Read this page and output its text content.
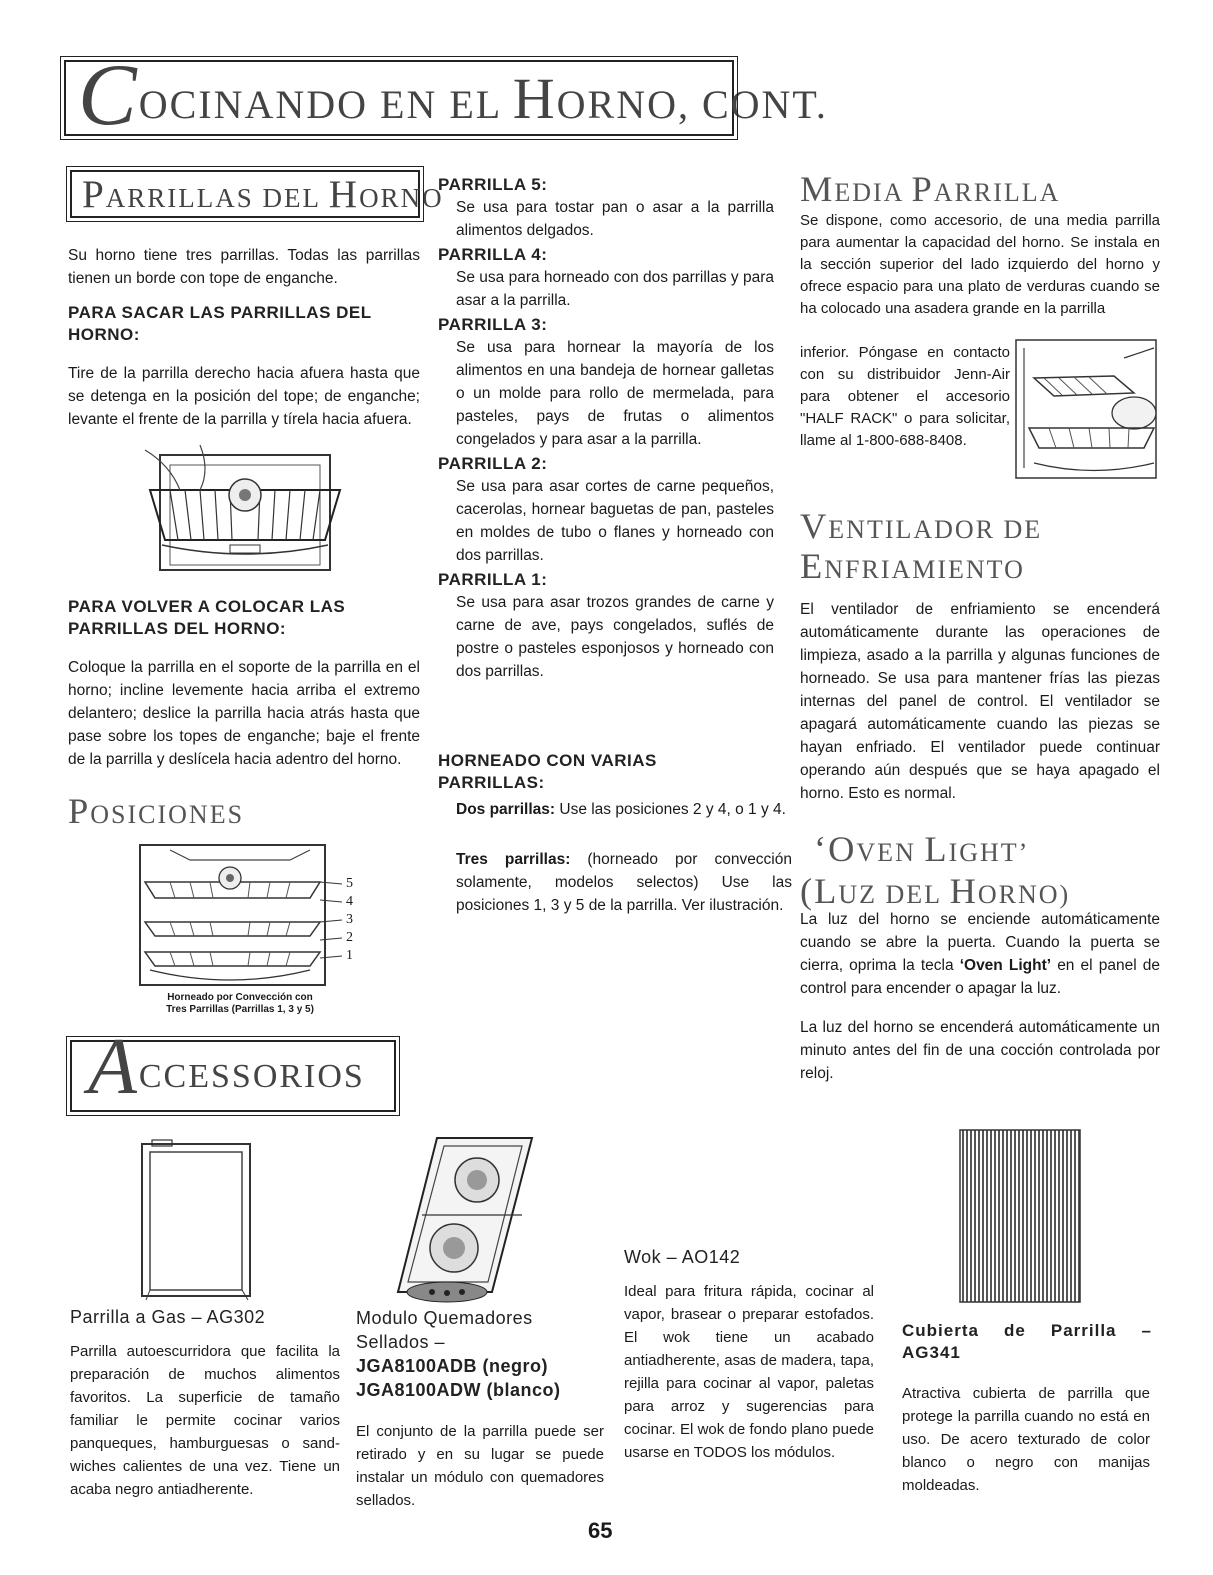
COCINANDO EN EL HORNO, CONT.
PARRILLAS DEL HORNO
Su horno tiene tres parrillas. Todas las parrillas tienen un borde con tope de enganche.
PARA SACAR LAS PARRILLAS DEL HORNO:
Tire de la parrilla derecho hacia afuera hasta que se detenga en la posición del tope; de enganche; levante el frente de la parrilla y tírela hacia afuera.
PARA VOLVER A COLOCAR LAS PARRILLAS DEL HORNO:
Coloque la parrilla en el soporte de la parrilla en el horno; incline levemente hacia arriba el extremo delantero; deslice la parrilla hacia atrás hasta que pase sobre los topes de enganche; baje el frente de la parrilla y deslícela hacia adentro del horno.
POSICIONES
5
4
3
2
1
Horneado por Convección con
Tres Parrillas (Parrillas 1, 3 y 5)
ACCESSORIOS
PARRILLA 5:
Se usa para tostar pan o asar a la parrilla alimentos delgados.
PARRILLA 4:
Se usa para horneado con dos parrillas y para asar a la parrilla.
PARRILLA 3:
Se usa para hornear la mayoría de los alimentos en una bandeja de hornear galletas o un molde para rollo de mermelada, para pasteles, pays de frutas o alimentos congelados y para asar a la parrilla.
PARRILLA 2:
Se usa para asar cortes de carne pequeños, cacerolas, hornear baguetas de pan, pasteles en moldes de tubo o flanes y horneado con dos parrillas.
PARRILLA 1:
Se usa para asar trozos grandes de carne y carne de ave, pays congelados, suflés de postre o pasteles esponjosos y horneado con dos parrillas.
HORNEADO CON VARIAS PARRILLAS:
Dos parrillas: Use las posiciones 2 y 4, o 1 y 4.
Tres parrillas: (horneado por convección solamente, modelos selectos) Use las posiciones 1, 3 y 5 de la parrilla. Ver ilustración.
MEDIA PARRILLA
Se dispone, como accesorio, de una media parrilla para aumentar la capacidad del horno. Se instala en la sección superior del lado izquierdo del horno y ofrece espacio para una plato de verduras cuando se ha colocado una asadera grande en la parrilla
inferior. Póngase en contacto con su distribuidor Jenn-Air para obtener el accesorio "HALF RACK" o para solicitar, llame al 1-800-688-8408.
VENTILADOR DE
ENFRIAMIENTO
El ventilador de enfriamiento se encenderá automáticamente durante las operaciones de limpieza, asado a la parrilla y algunas funciones de horneado. Se usa para mantener frías las piezas internas del panel de control. El ventilador se apagará automáticamente cuando las piezas se hayan enfriado. El ventilador puede continuar operando aún después que se haya apagado el horno. Esto es normal.
‘OVEN LIGHT’
(LUZ DEL HORNO)
La luz del horno se enciende automáticamente cuando se abre la puerta. Cuando la puerta se cierra, oprima la tecla ‘Oven Light’ en el panel de control para encender o apagar la luz.
La luz del horno se encenderá automáticamente un minuto antes del fin de una cocción controlada por reloj.
Parrilla a Gas – AG302
Parrilla autoescurridora que facilita la preparación de muchos alimentos favoritos. La superficie de tamaño familiar le permite cocinar varios panqueques, hamburguesas o sand-wiches calientes de una vez. Tiene un acaba negro antiadherente.
Modulo Quemadores
Sellados –
JGA8100ADB (negro)
JGA8100ADW (blanco)
El conjunto de la parrilla puede ser retirado y en su lugar se puede instalar un módulo con quemadores sellados.
Wok – AO142
Ideal para fritura rápida, cocinar al vapor, brasear o preparar estofados. El wok tiene un acabado antiadherente, asas de madera, tapa, rejilla para cocinar al vapor, paletas para arroz y sugerencias para cocinar. El wok de fondo plano puede usarse en TODOS los módulos.
Cubierta de Parrilla – AG341
Atractiva cubierta de parrilla que protege la parrilla cuando no está en uso. De acero texturado de color blanco o negro con manijas moldeadas.
65
